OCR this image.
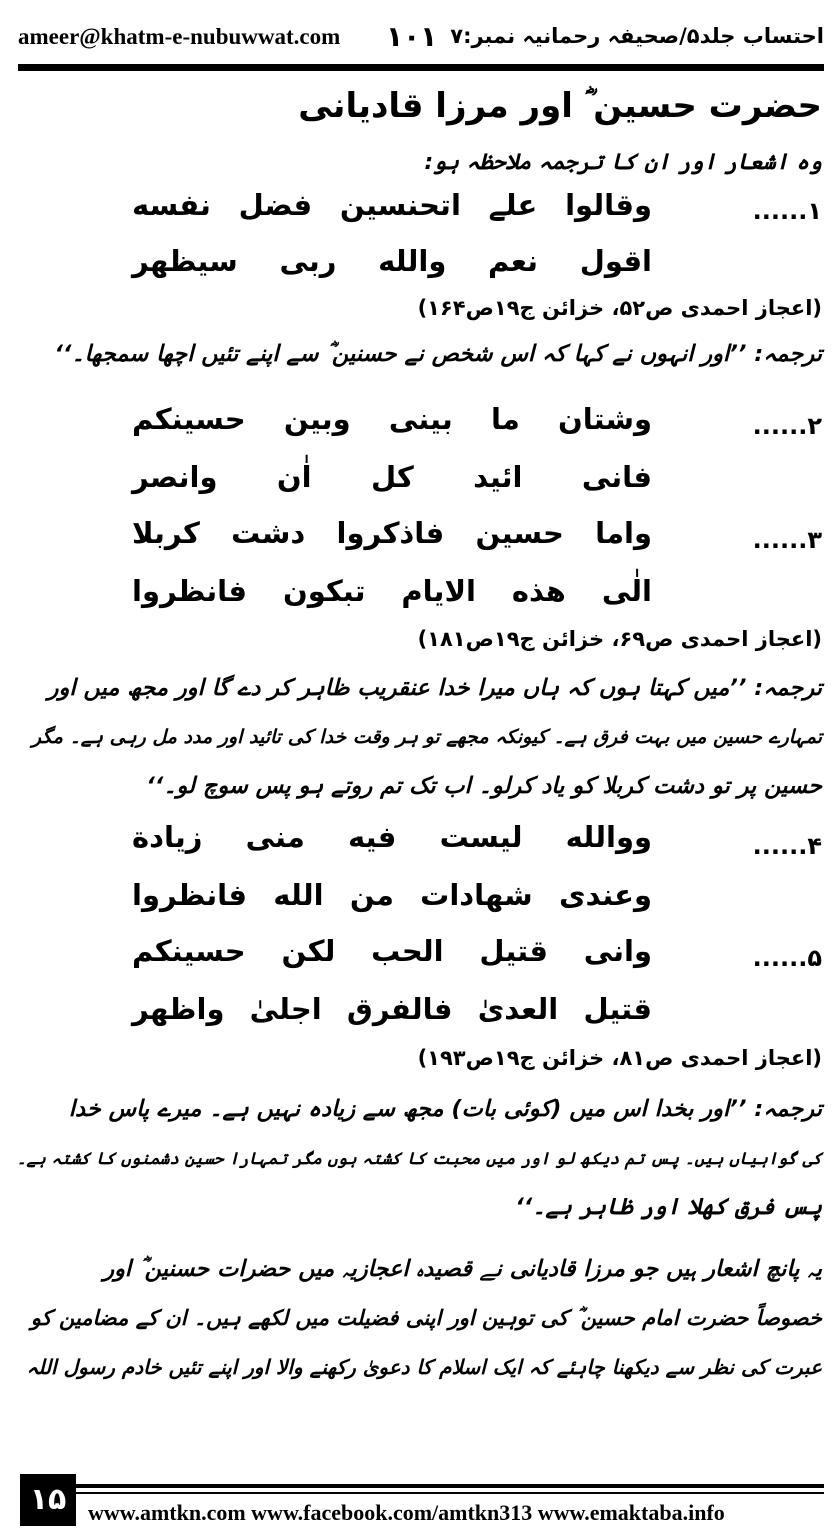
ameer@khatm-e-nubuwwat.com ۱۰۱ احتساب جلد۵/صحیفہ رحمانیہ نمبر:۷
حضرت حسین ؓ اور مرزا قادیانی
وہ اشعار اور ان کا ترجمہ ملاحظہ ہو:
۱......
وقالوا علے اتحنسین فضل نفسه
اقول نعم والله ربی سیظهر
(اعجاز احمدی ص۵۲، خزائن ج۱۹ص۱۶۴)
ترجمہ: ’’اور انہوں نے کہا کہ اس شخص نے حسنین ؓ سے اپنے تئیں اچھا سمجھا۔‘‘
۲......
وشتان ما بینی وبین حسینکم
فانی ائید کل اٰن وانصر
۳......
واما حسین فاذکروا دشت کربلا
الٰی هذه الایام تبکون فانظروا
(اعجاز احمدی ص۶۹، خزائن ج۱۹ص۱۸۱)
ترجمہ: ’’میں کہتا ہوں کہ ہاں میرا خدا عنقریب ظاہر کر دے گا اور مجھ میں اور
تمہارے حسین میں بہت فرق ہے۔ کیونکہ مجھے تو ہر وقت خدا کی تائید اور مدد مل رہی ہے۔ مگر
حسین پر تو دشت کربلا کو یاد کرلو۔ اب تک تم روتے ہو پس سوچ لو۔‘‘
۴......
ووالله لیست فیه منی زیادة
وعندی شهادات من الله فانظروا
۵......
وانی قتیل الحب لکن حسینکم
قتیل العدیٰ فالفرق اجلیٰ واظهر
(اعجاز احمدی ص۸۱، خزائن ج۱۹ص۱۹۳)
ترجمہ: ’’اور بخدا اس میں (کوئی بات) مجھ سے زیادہ نہیں ہے۔ میرے پاس خدا
کی گواہیاں ہیں۔ پس تم دیکھ لو اور میں محبت کا کشتہ ہوں مگر تمہارا حسین دشمنوں کا کشتہ ہے۔
پس فرق کھلا اور ظاہر ہے۔‘‘
یہ پانچ اشعار ہیں جو مرزا قادیانی نے قصیدہ اعجازیہ میں حضرات حسنین ؓ اور
خصوصاً حضرت امام حسین ؓ کی توہین اور اپنی فضیلت میں لکھے ہیں۔ ان کے مضامین کو
عبرت کی نظر سے دیکھنا چاہئے کہ ایک اسلام کا دعویٰ رکھنے والا اور اپنے تئیں خادم رسول اللہ
۱۵ www.amtkn.com www.facebook.com/amtkn313 www.emaktaba.info
